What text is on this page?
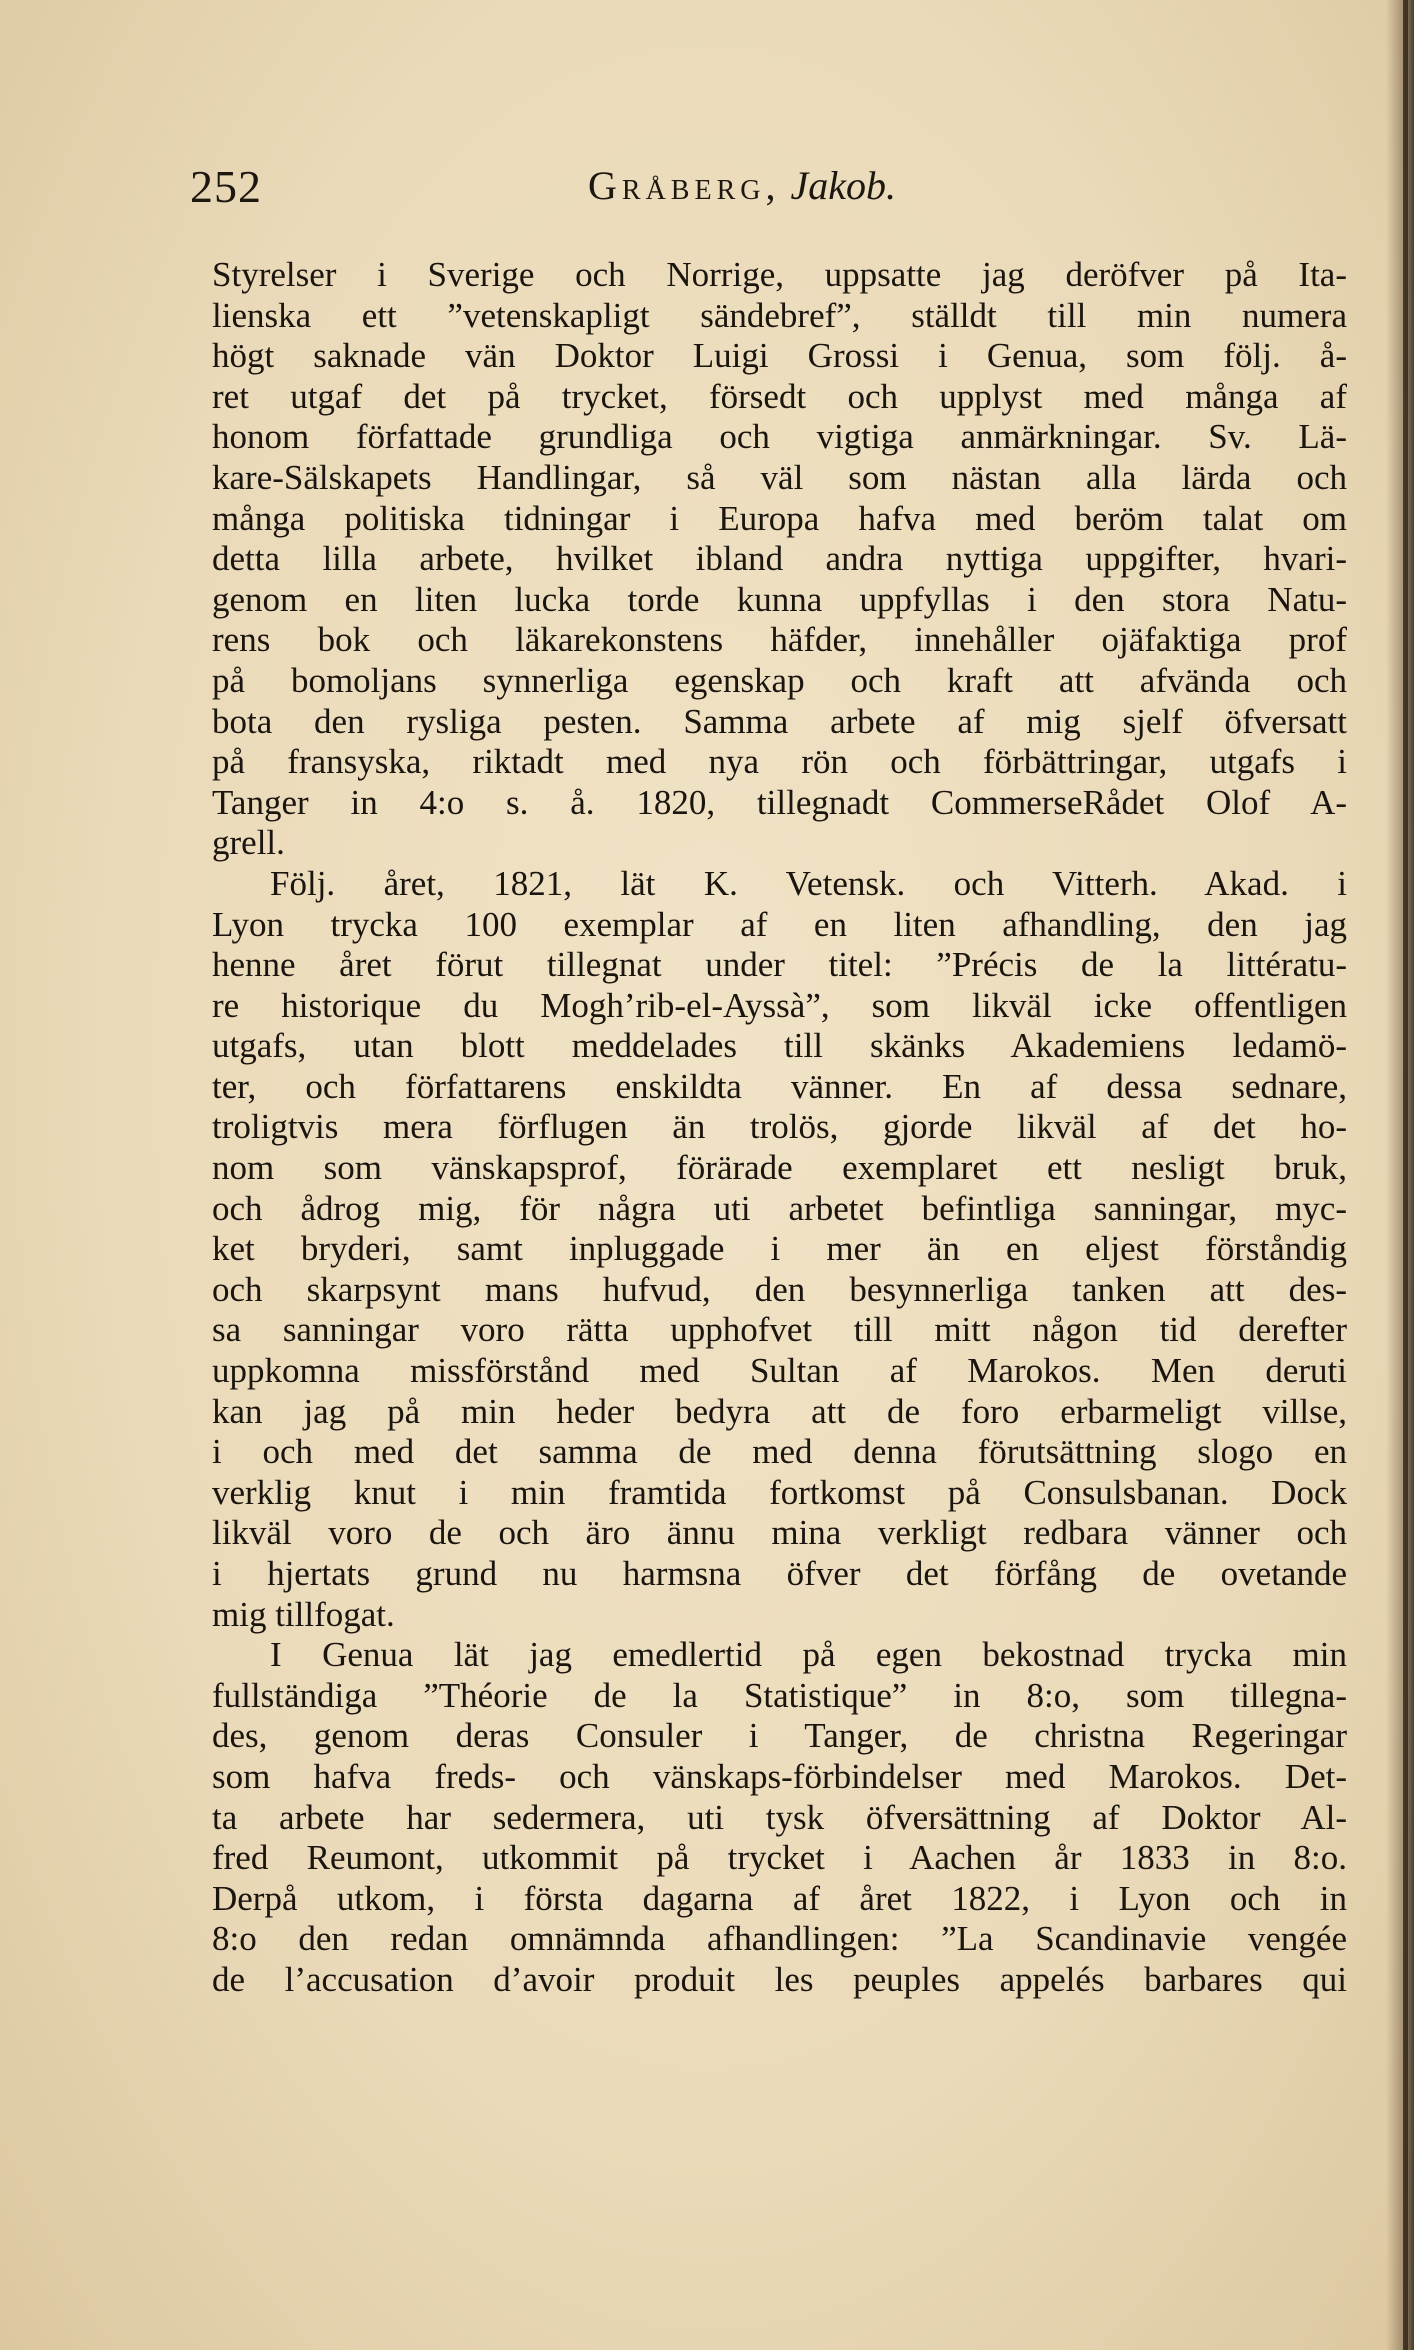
252	Gråberg, Jakob.
Styrelser i Sverige och Norrige, uppsatte jag deröfver på Ita-
lienska ett ”vetenskapligt sändebref”, ställdt till min numera
högt saknade vän Doktor Luigi Grossi i Genua, som följ. å-
ret utgaf det på trycket, försedt och upplyst med många af
honom författade grundliga och vigtiga anmärkningar. Sv. Lä-
kare-Sälskapets Handlingar, så väl som nästan alla lärda och
många politiska tidningar i Europa hafva med beröm talat om
detta lilla arbete, hvilket ibland andra nyttiga uppgifter, hvari-
genom en liten lucka torde kunna uppfyllas i den stora Natu-
rens bok och läkarekonstens häfder, innehåller ojäfaktiga prof
på bomoljans synnerliga egenskap och kraft att afvända och
bota den rysliga pesten. Samma arbete af mig sjelf öfversatt
på fransyska, riktadt med nya rön och förbättringar, utgafs i
Tanger in 4:o s. å. 1820, tillegnadt CommerseRådet Olof A-
grell.
Följ. året, 1821, lät K. Vetensk. och Vitterh. Akad. i
Lyon trycka 100 exemplar af en liten afhandling, den jag
henne året förut tillegnat under titel: ”Précis de la littératu-
re historique du Mogh’rib-el-Ayssà”, som likväl icke offentligen
utgafs, utan blott meddelades till skänks Akademiens ledamö-
ter, och författarens enskildta vänner. En af dessa sednare,
troligtvis mera förflugen än trolös, gjorde likväl af det ho-
nom som vänskapsprof, förärade exemplaret ett nesligt bruk,
och ådrog mig, för några uti arbetet befintliga sanningar, myc-
ket bryderi, samt inpluggade i mer än en eljest förståndig
och skarpsynt mans hufvud, den besynnerliga tanken att des-
sa sanningar voro rätta upphofvet till mitt någon tid derefter
uppkomna missförstånd med Sultan af Marokos. Men deruti
kan jag på min heder bedyra att de foro erbarmeligt villse,
i och med det samma de med denna förutsättning slogo en
verklig knut i min framtida fortkomst på Consulsbanan. Dock
likväl voro de och äro ännu mina verkligt redbara vänner och
i hjertats grund nu harmsna öfver det förfång de ovetande
mig tillfogat.
I Genua lät jag emedlertid på egen bekostnad trycka min
fullständiga ”Théorie de la Statistique” in 8:o, som tillegna-
des, genom deras Consuler i Tanger, de christna Regeringar
som hafva freds- och vänskaps-förbindelser med Marokos. Det-
ta arbete har sedermera, uti tysk öfversättning af Doktor Al-
fred Reumont, utkommit på trycket i Aachen år 1833 in 8:o.
Derpå utkom, i första dagarna af året 1822, i Lyon och in
8:o den redan omnämnda afhandlingen: ”La Scandinavie vengée
de l’accusation d’avoir produit les peuples appelés barbares qui
